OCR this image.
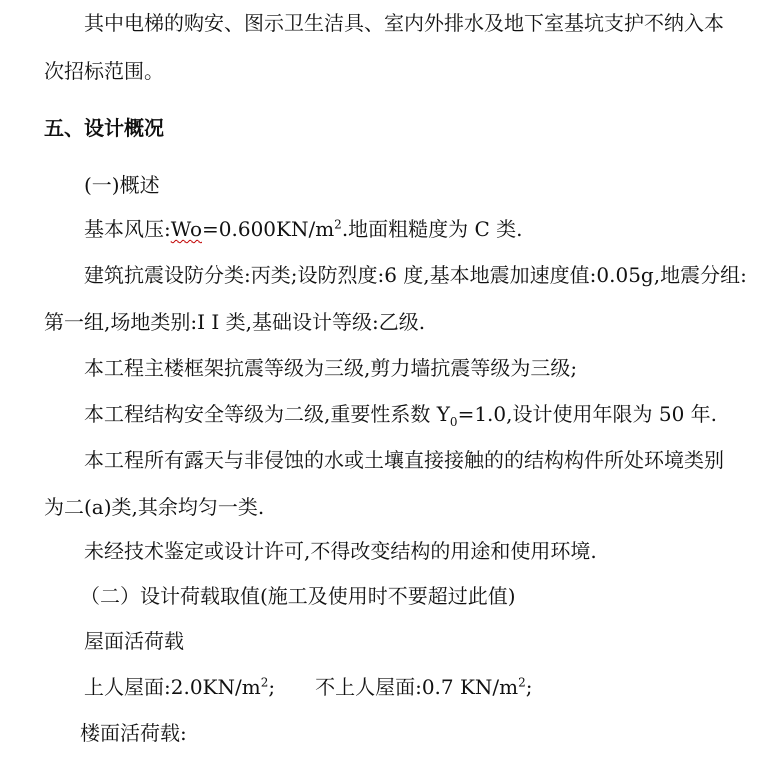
其中电梯的购安、图示卫生洁具、室内外排水及地下室基坑支护不纳入本
次招标范围。
五、设计概况
(一)概述
基本风压$:Wo=0.600KN/m^2$.地面粗糙度为 C 类.
建筑抗震设防分类:丙类;设防烈度:6 度,基本地震加速度值:0.05g,地震分组:
第一组,场地类别:I I 类,基础设计等级:乙级.
本工程主楼框架抗震等级为三级,剪力墙抗震等级为三级;
本工程结构安全等级为二级,重要性系数 $Y_0=1.0$,设计使用年限为 50 年.
本工程所有露天与非侵蚀的水或土壤直接接触的的结构构件所处环境类别
为二(a)类,其余均匀一类.
未经技术鉴定或设计许可,不得改变结构的用途和使用环境.
（二）设计荷载取值(施工及使用时不要超过此值)
屋面活荷载
上人屋面$:2.0KN/m^2$; 不上人屋面:0.7 $KN/m^2$;
楼面活荷载:
